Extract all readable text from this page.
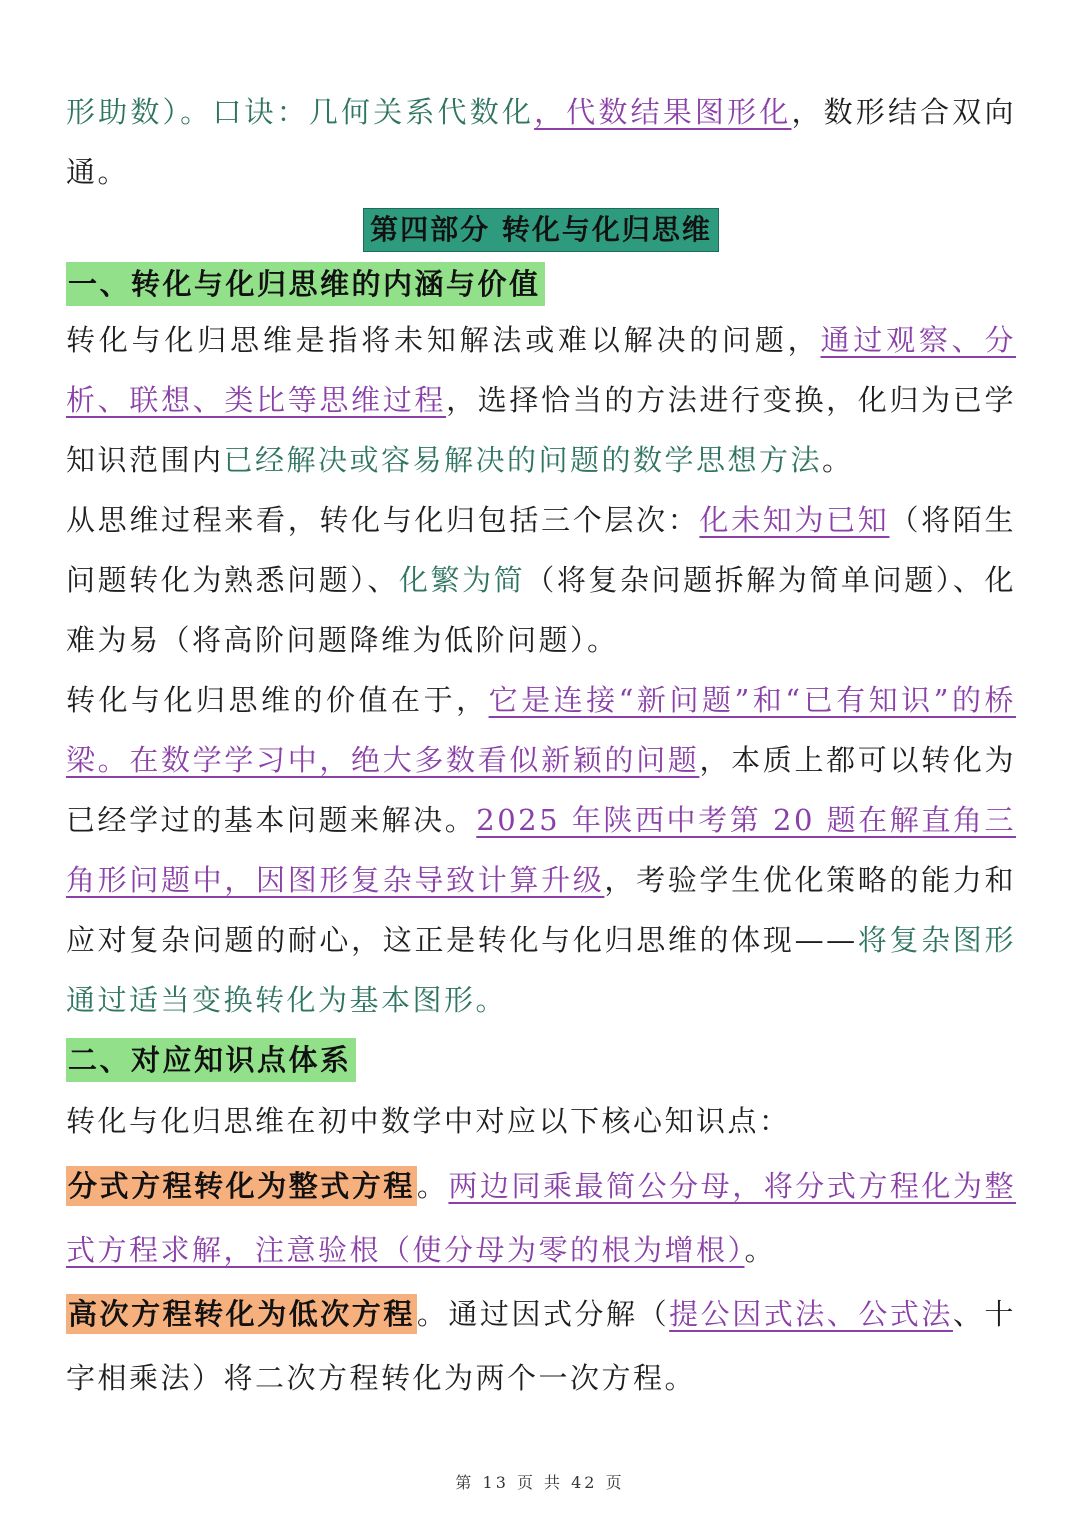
形助数）。口诀：几何关系代数化，代数结果图形化，数形结合双向通。

第四部分 转化与化归思维
一、转化与化归思维的内涵与价值

转化与化归思维是指将未知解法或难以解决的问题，通过观察、分析、联想、类比等思维过程，选择恰当的方法进行变换，化归为已学知识范围内已经解决或容易解决的问题的数学思想方法。

从思维过程来看，转化与化归包括三个层次：化未知为已知（将陌生问题转化为熟悉问题）、化繁为简（将复杂问题拆解为简单问题）、化难为易（将高阶问题降维为低阶问题）。

转化与化归思维的价值在于，它是连接“新问题”和“已有知识”的桥梁。在数学学习中，绝大多数看似新颖的问题，本质上都可以转化为已经学过的基本问题来解决。2025 年陕西中考第 20 题在解直角三角形问题中，因图形复杂导致计算升级，考验学生优化策略的能力和应对复杂问题的耐心，这正是转化与化归思维的体现——将复杂图形通过适当变换转化为基本图形。

二、对应知识点体系

转化与化归思维在初中数学中对应以下核心知识点：

分式方程转化为整式方程。两边同乘最简公分母，将分式方程化为整式方程求解，注意验根（使分母为零的根为增根）。

高次方程转化为低次方程。通过因式分解（提公因式法、公式法、十字相乘法）将二次方程转化为两个一次方程。

第 13 页 共 42 页
